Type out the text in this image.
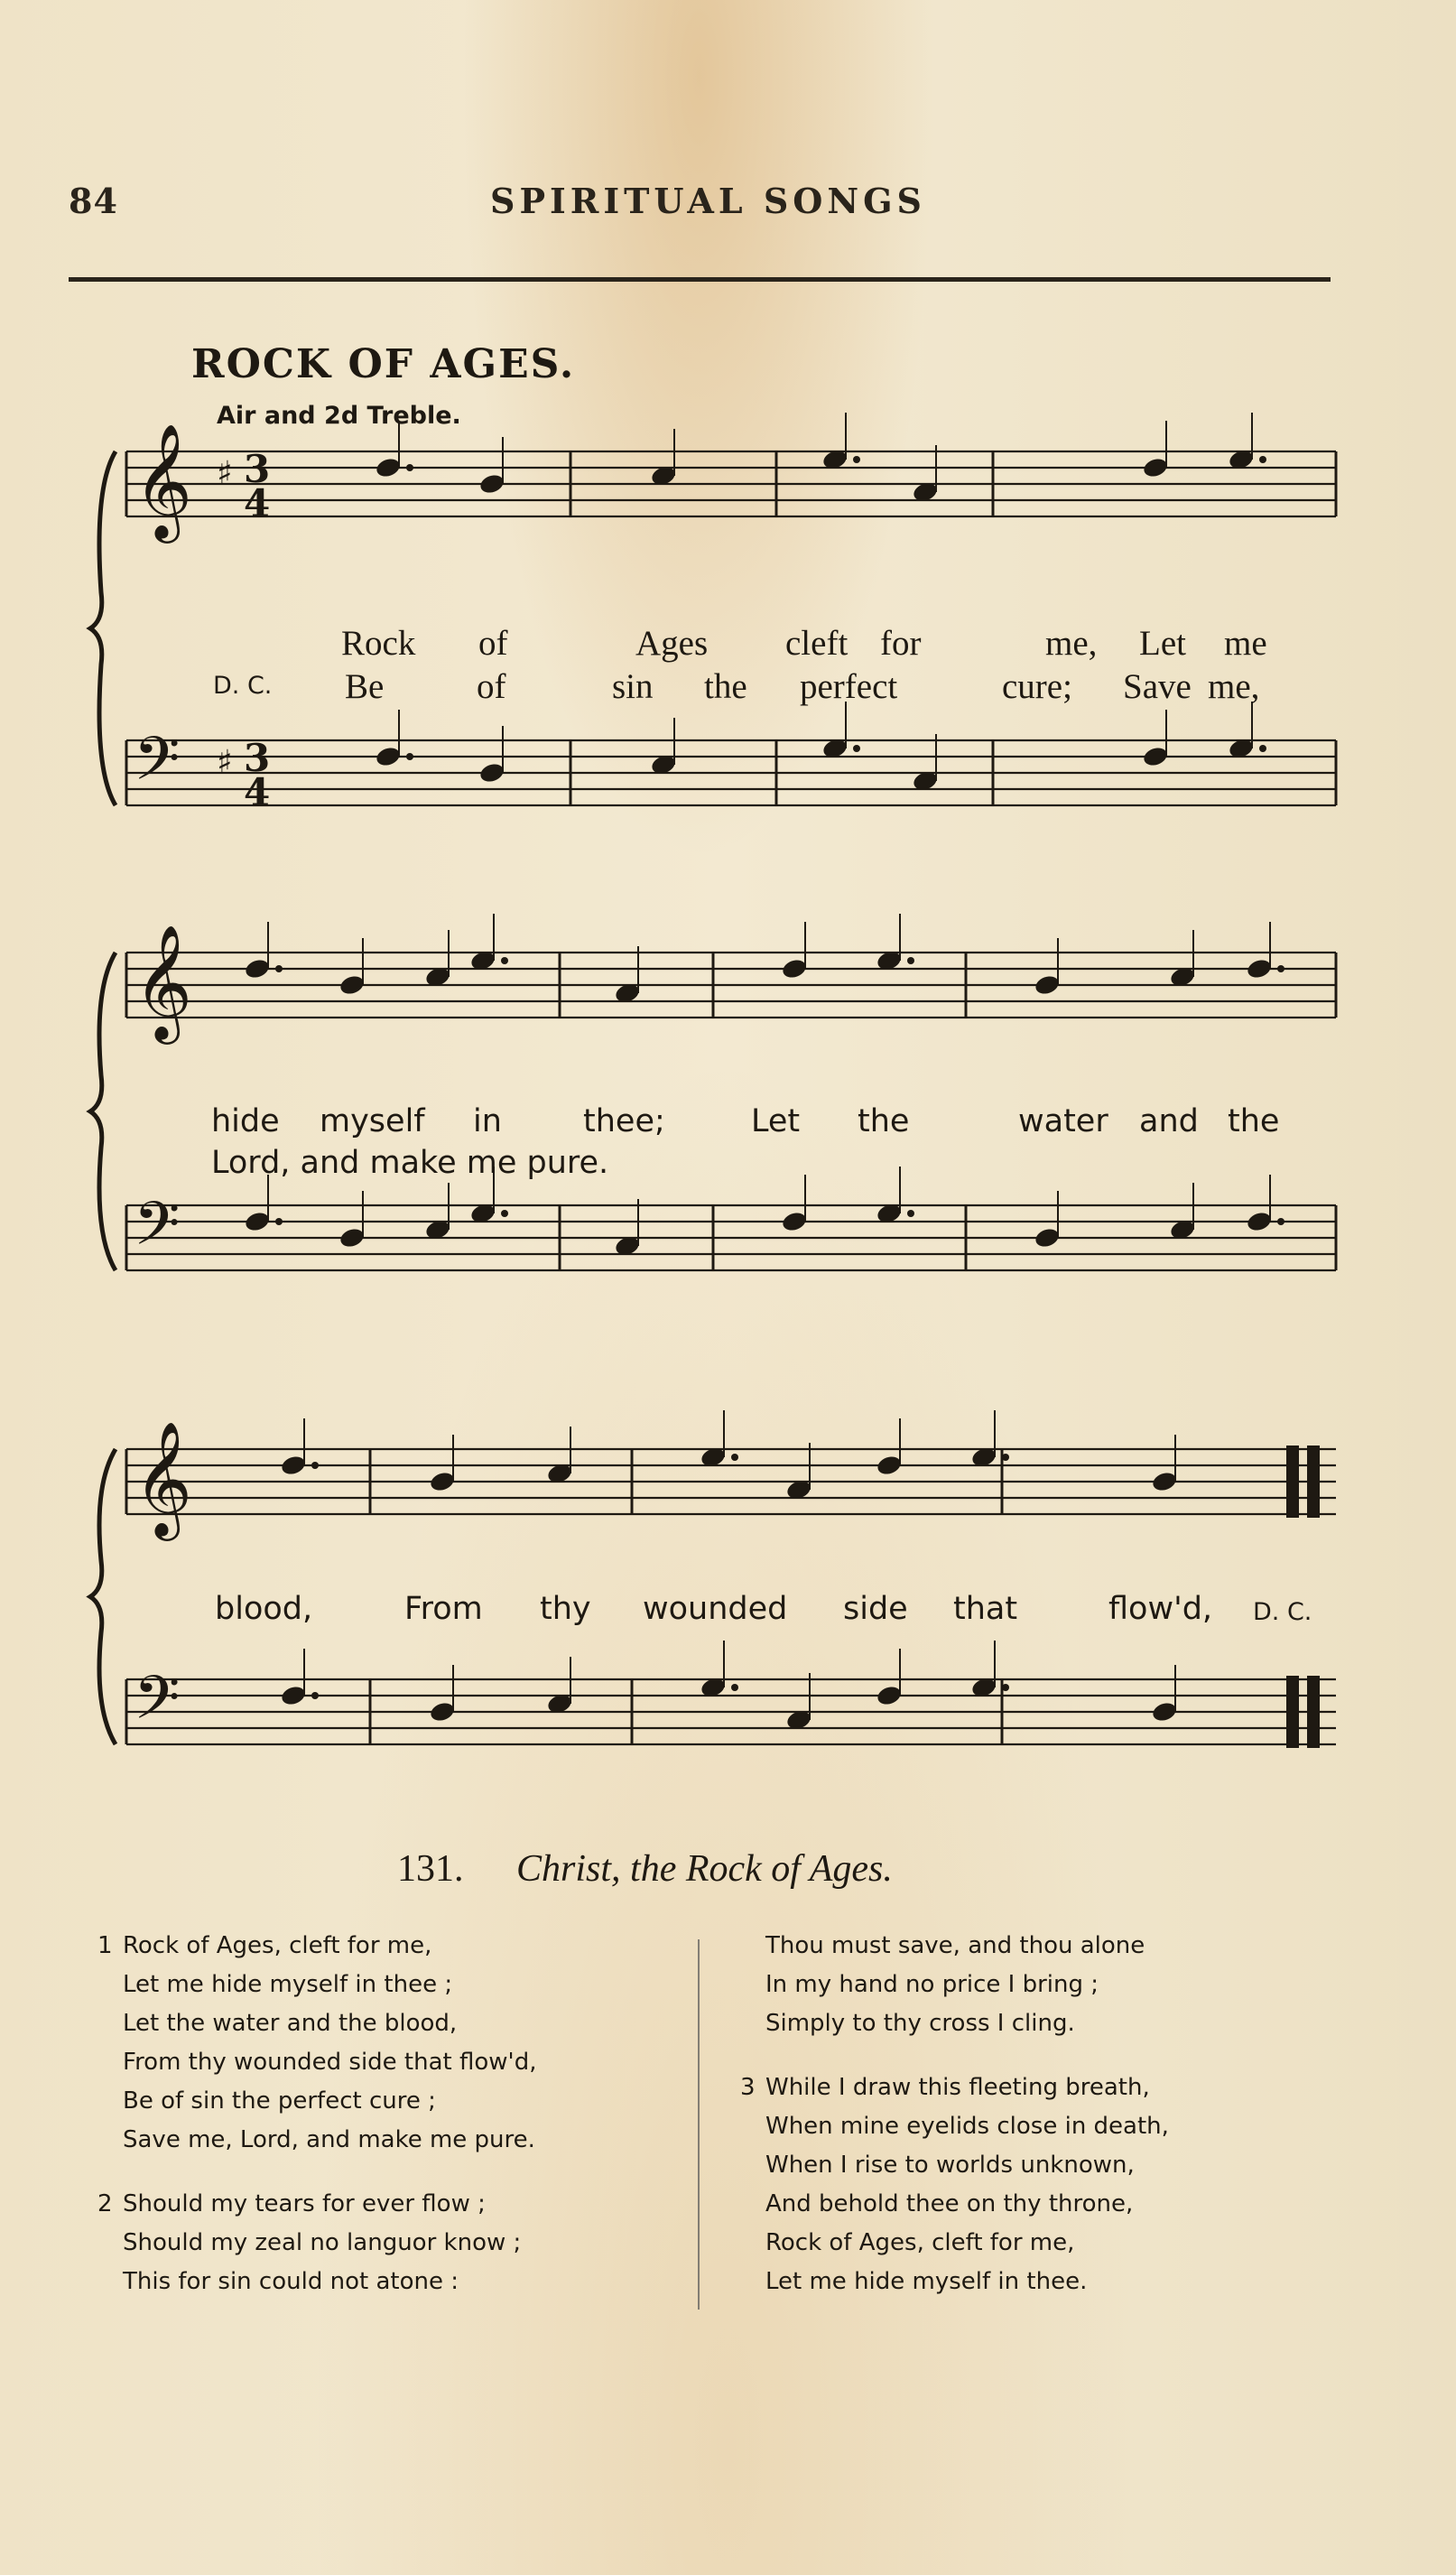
84	SPIRITUAL SONGS
ROCK OF AGES.
Air and 2d Treble.
𝄞 ♯ 3
4
𝄢 ♯ 3
4
𝄞
𝄢
𝄞
𝄢
Rock of	Ages cleft for	me, Let me
D. C. Be	of	sin the perfect	cure; Save me,
hide myself in	thee;	Let the	water and the
Lord, and make me pure.
blood,	From thy wounded side that	flow'd, D. C.
131. Christ, the Rock of Ages.
1 Rock of Ages, cleft for me,
Let me hide myself in thee ;
Let the water and the blood,
From thy wounded side that flow'd,
Be of sin the perfect cure ;
Save me, Lord, and make me pure.
2 Should my tears for ever flow ;
Should my zeal no languor know ;
This for sin could not atone :
Thou must save, and thou alone
In my hand no price I bring ;
Simply to thy cross I cling.
3 While I draw this fleeting breath,
When mine eyelids close in death,
When I rise to worlds unknown,
And behold thee on thy throne,
Rock of Ages, cleft for me,
Let me hide myself in thee.
